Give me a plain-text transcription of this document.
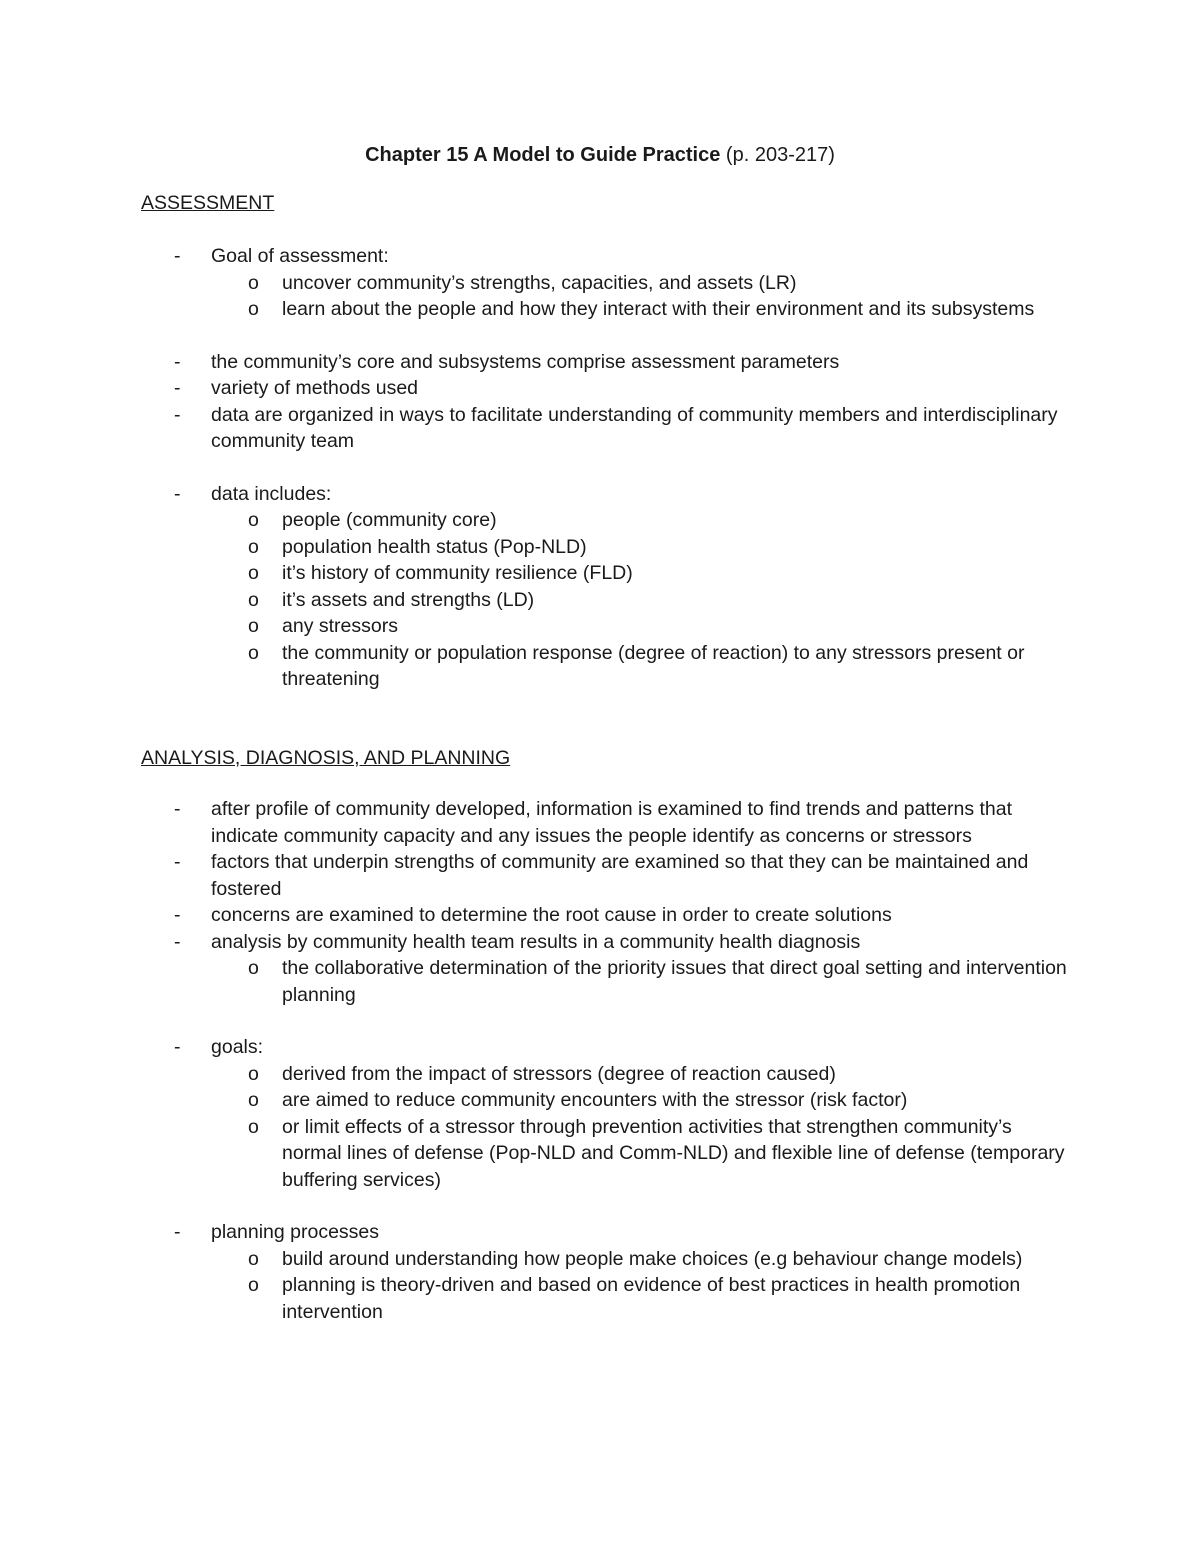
Chapter 15 A Model to Guide Practice (p. 203-217)
ASSESSMENT
- Goal of assessment:
o uncover community’s strengths, capacities, and assets (LR)
o learn about the people and how they interact with their environment and its subsystems
- the community’s core and subsystems comprise assessment parameters
- variety of methods used
- data are organized in ways to facilitate understanding of community members and interdisciplinary community team
- data includes:
o people (community core)
o population health status (Pop-NLD)
o it’s history of community resilience (FLD)
o it’s assets and strengths (LD)
o any stressors
o the community or population response (degree of reaction) to any stressors present or threatening
ANALYSIS, DIAGNOSIS, AND PLANNING
- after profile of community developed, information is examined to find trends and patterns that indicate community capacity and any issues the people identify as concerns or stressors
- factors that underpin strengths of community are examined so that they can be maintained and fostered
- concerns are examined to determine the root cause in order to create solutions
- analysis by community health team results in a community health diagnosis
o the collaborative determination of the priority issues that direct goal setting and intervention planning
- goals:
o derived from the impact of stressors (degree of reaction caused)
o are aimed to reduce community encounters with the stressor (risk factor)
o or limit effects of a stressor through prevention activities that strengthen community’s normal lines of defense (Pop-NLD and Comm-NLD) and flexible line of defense (temporary buffering services)
- planning processes
o build around understanding how people make choices (e.g behaviour change models)
o planning is theory-driven and based on evidence of best practices in health promotion intervention
